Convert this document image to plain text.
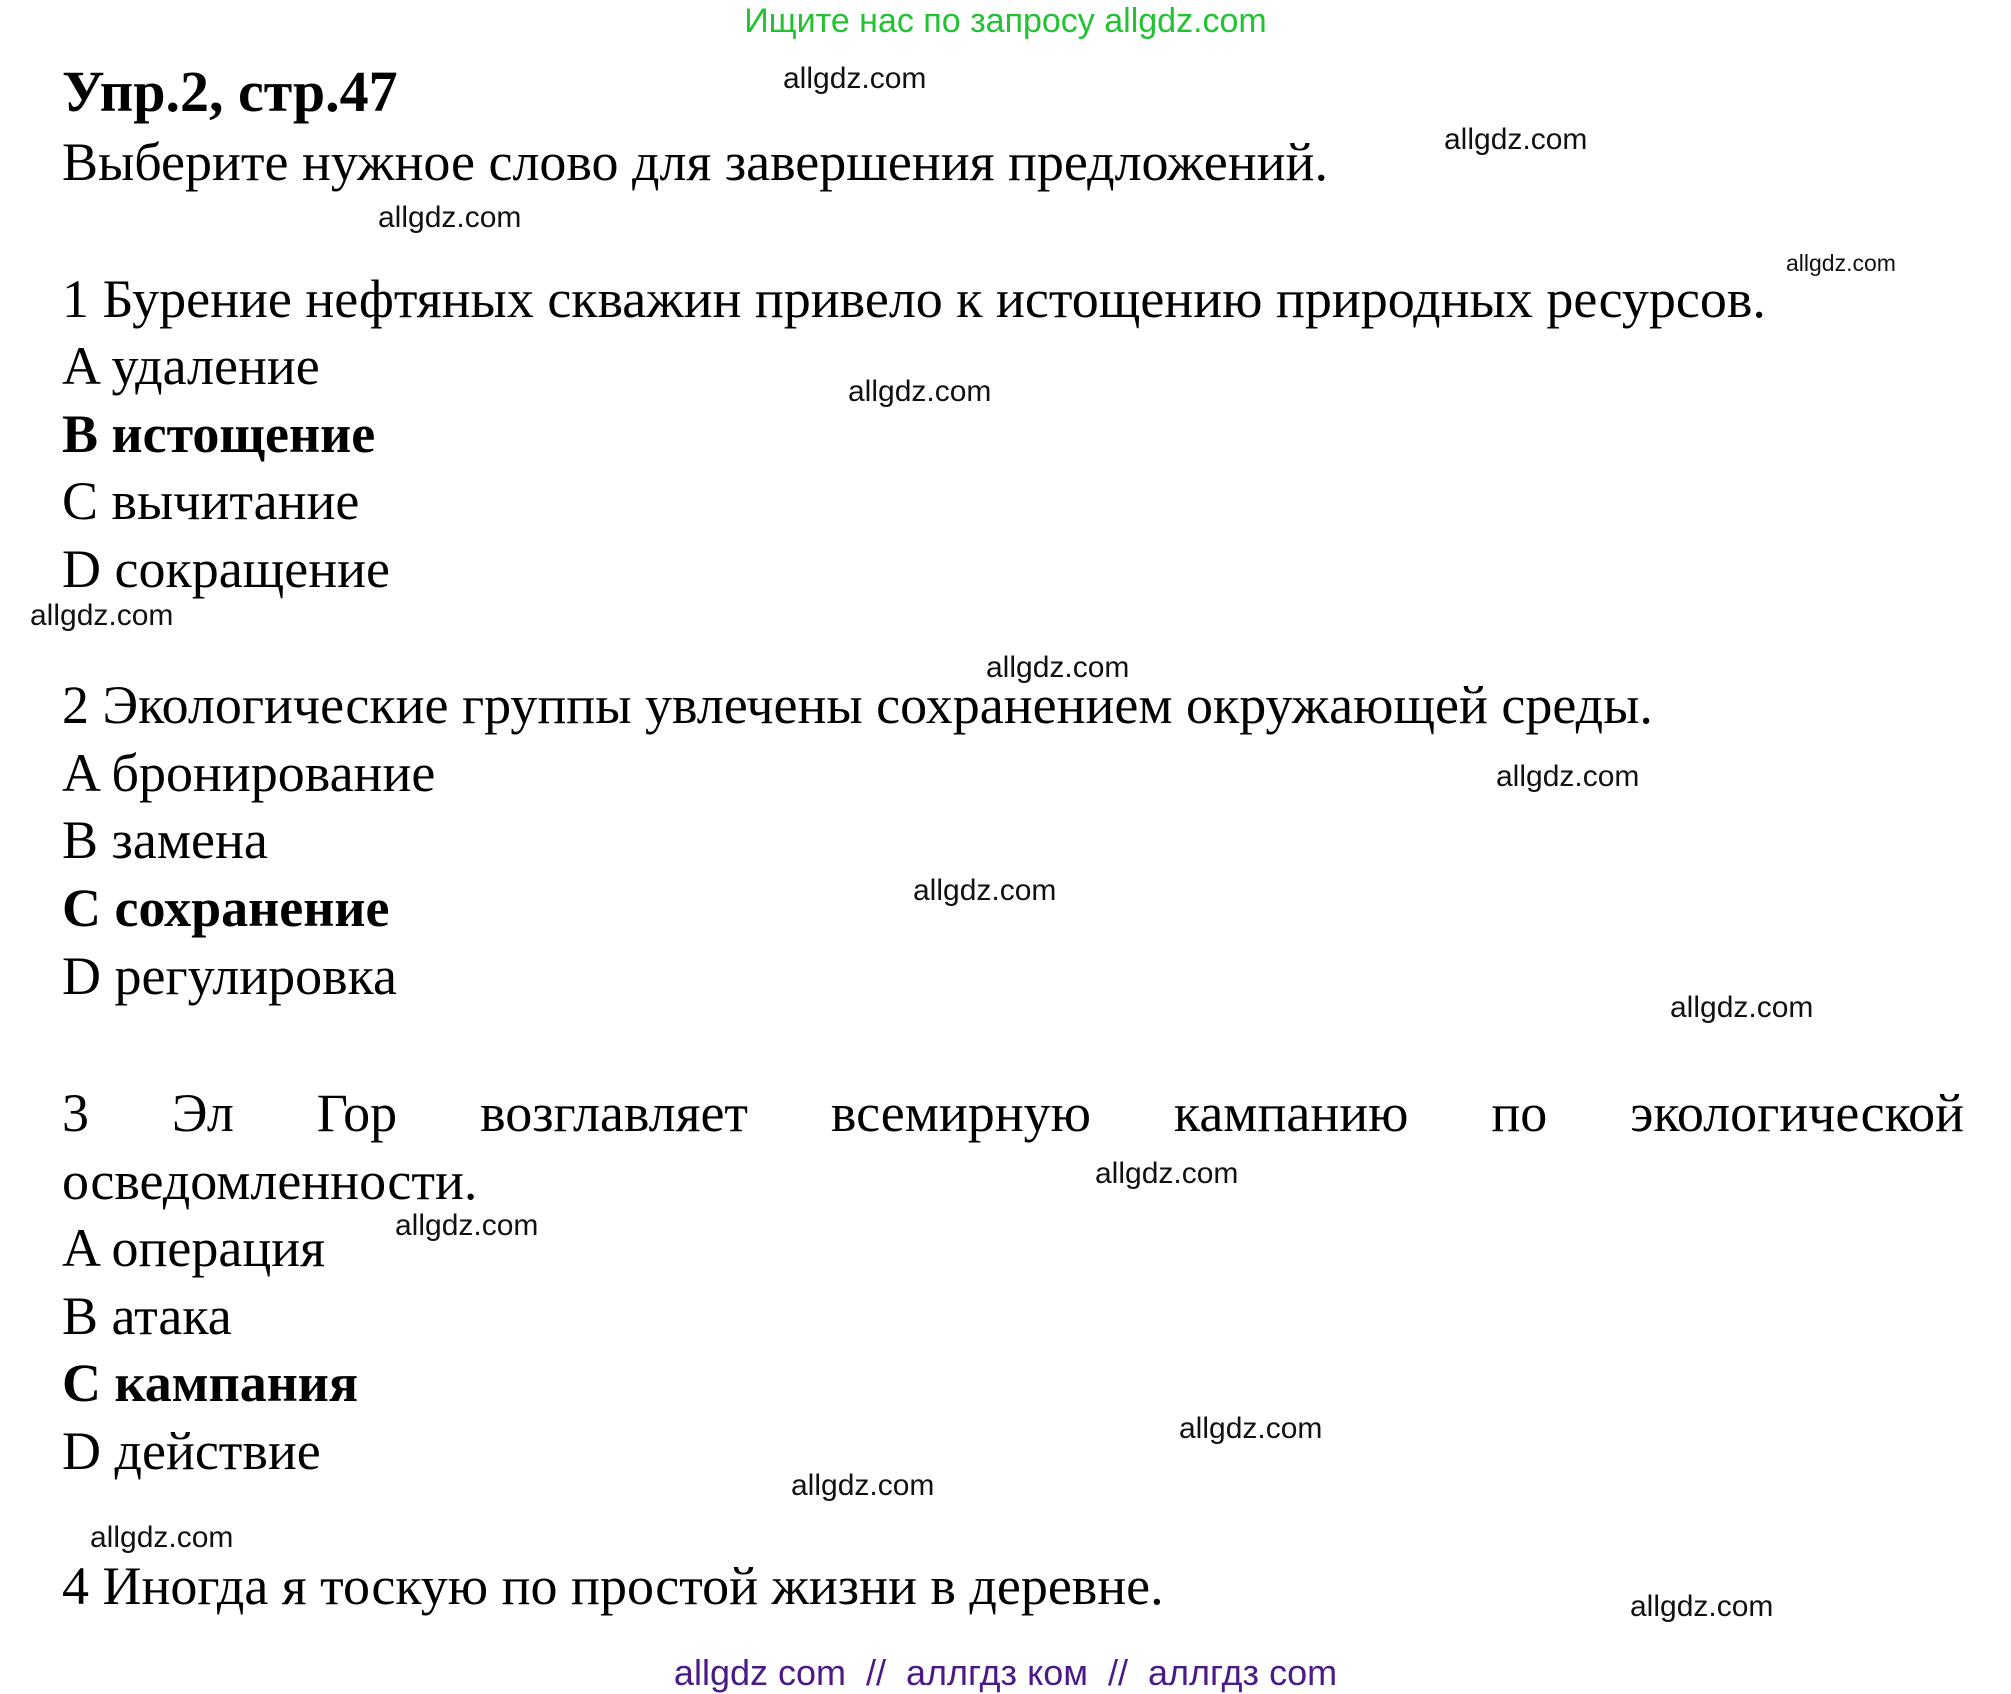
Ищите нас по запросу allgdz.com
Упр.2, стр.47
Выберите нужное слово для завершения предложений.
1 Бурение нефтяных скважин привело к истощению природных ресурсов.
A удаление
B истощение
C вычитание
D сокращение
2 Экологические группы увлечены сохранением окружающей среды.
A бронирование
B замена
C сохранение
D регулировка
3 Эл Гор возглавляет всемирную кампанию по экологической
осведомленности.
A операция
B атака
C кампания
D действие
4 Иногда я тоскую по простой жизни в деревне.
allgdz.com
allgdz.com
allgdz.com
allgdz.com
allgdz.com
allgdz.com
allgdz.com
allgdz.com
allgdz.com
allgdz.com
allgdz.com
allgdz.com
allgdz.com
allgdz.com
allgdz.com
allgdz.com
allgdz com  //  аллгдз ком  //  аллгдз com
